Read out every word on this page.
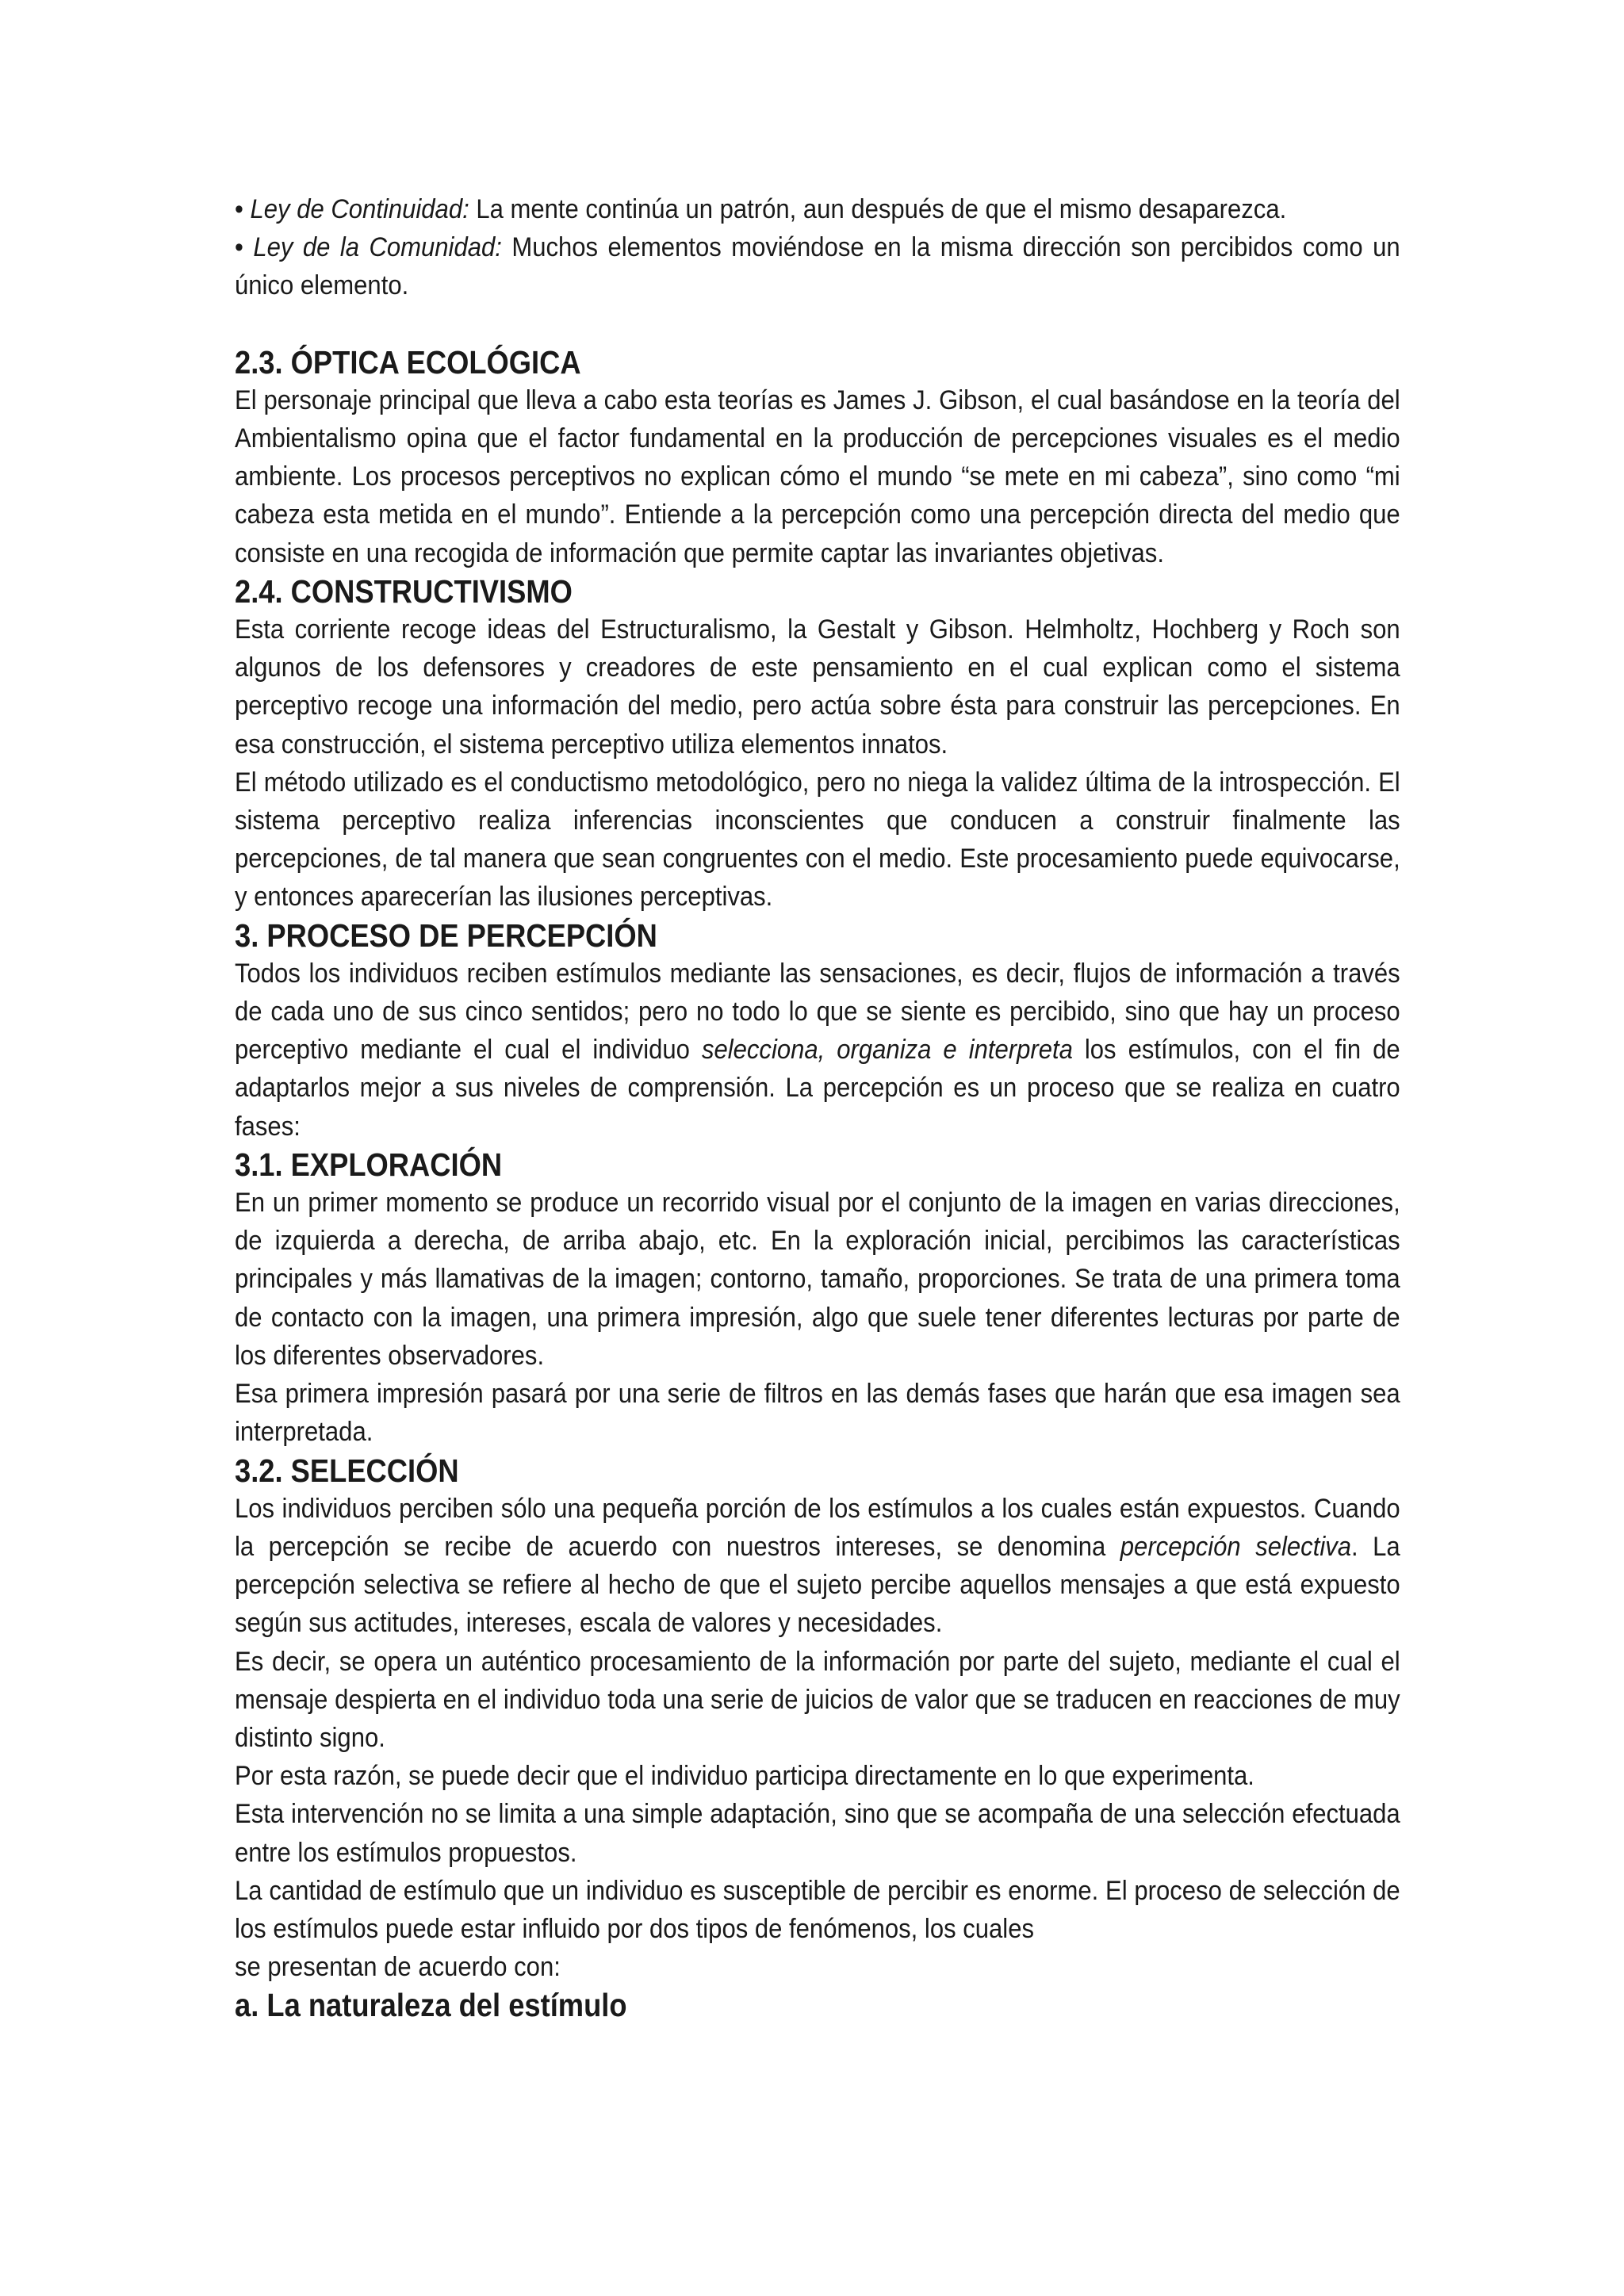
• Ley de Continuidad: La mente continúa un patrón, aun después de que el mismo desaparezca.

• Ley de la Comunidad: Muchos elementos moviéndose en la misma dirección son percibidos como un único elemento.

2.3. ÓPTICA ECOLÓGICA

El personaje principal que lleva a cabo esta teorías es James J. Gibson, el cual basándose en la teoría del Ambientalismo opina que el factor fundamental en la producción de percepciones visuales es el medio ambiente. Los procesos perceptivos no explican cómo el mundo “se mete en mi cabeza”, sino como “mi cabeza esta metida en el mundo”. Entiende a la percepción como una percepción directa del medio que consiste en una recogida de información que permite captar las invariantes objetivas.

2.4. CONSTRUCTIVISMO

Esta corriente recoge ideas del Estructuralismo, la Gestalt y Gibson. Helmholtz, Hochberg y Roch son algunos de los defensores y creadores de este pensamiento en el cual explican como el sistema perceptivo recoge una información del medio, pero actúa sobre ésta para construir las percepciones. En esa construcción, el sistema perceptivo utiliza elementos innatos.

El método utilizado es el conductismo metodológico, pero no niega la validez última de la introspección. El sistema perceptivo realiza inferencias inconscientes que conducen a construir finalmente las percepciones, de tal manera que sean congruentes con el medio. Este procesamiento puede equivocarse, y entonces aparecerían las ilusiones perceptivas.

3. PROCESO DE PERCEPCIÓN

Todos los individuos reciben estímulos mediante las sensaciones, es decir, flujos de información a través de cada uno de sus cinco sentidos; pero no todo lo que se siente es percibido, sino que hay un proceso perceptivo mediante el cual el individuo selecciona, organiza e interpreta los estímulos, con el fin de adaptarlos mejor a sus niveles de comprensión. La percepción es un proceso que se realiza en cuatro fases:

3.1. EXPLORACIÓN

En un primer momento se produce un recorrido visual por el conjunto de la imagen en varias direcciones, de izquierda a derecha, de arriba abajo, etc. En la exploración inicial, percibimos las características principales y más llamativas de la imagen; contorno, tamaño, proporciones. Se trata de una primera toma de contacto con la imagen, una primera impresión, algo que suele tener diferentes lecturas por parte de los diferentes observadores.

Esa primera impresión pasará por una serie de filtros en las demás fases que harán que esa imagen sea interpretada.

3.2. SELECCIÓN

Los individuos perciben sólo una pequeña porción de los estímulos a los cuales están expuestos. Cuando la percepción se recibe de acuerdo con nuestros intereses, se denomina percepción selectiva. La percepción selectiva se refiere al hecho de que el sujeto percibe aquellos mensajes a que está expuesto según sus actitudes, intereses, escala de valores y necesidades.

Es decir, se opera un auténtico procesamiento de la información por parte del sujeto, mediante el cual el mensaje despierta en el individuo toda una serie de juicios de valor que se traducen en reacciones de muy distinto signo.

Por esta razón, se puede decir que el individuo participa directamente en lo que experimenta.

Esta intervención no se limita a una simple adaptación, sino que se acompaña de una selección efectuada entre los estímulos propuestos.

La cantidad de estímulo que un individuo es susceptible de percibir es enorme. El proceso de selección de los estímulos puede estar influido por dos tipos de fenómenos, los cuales

se presentan de acuerdo con:

a. La naturaleza del estímulo
